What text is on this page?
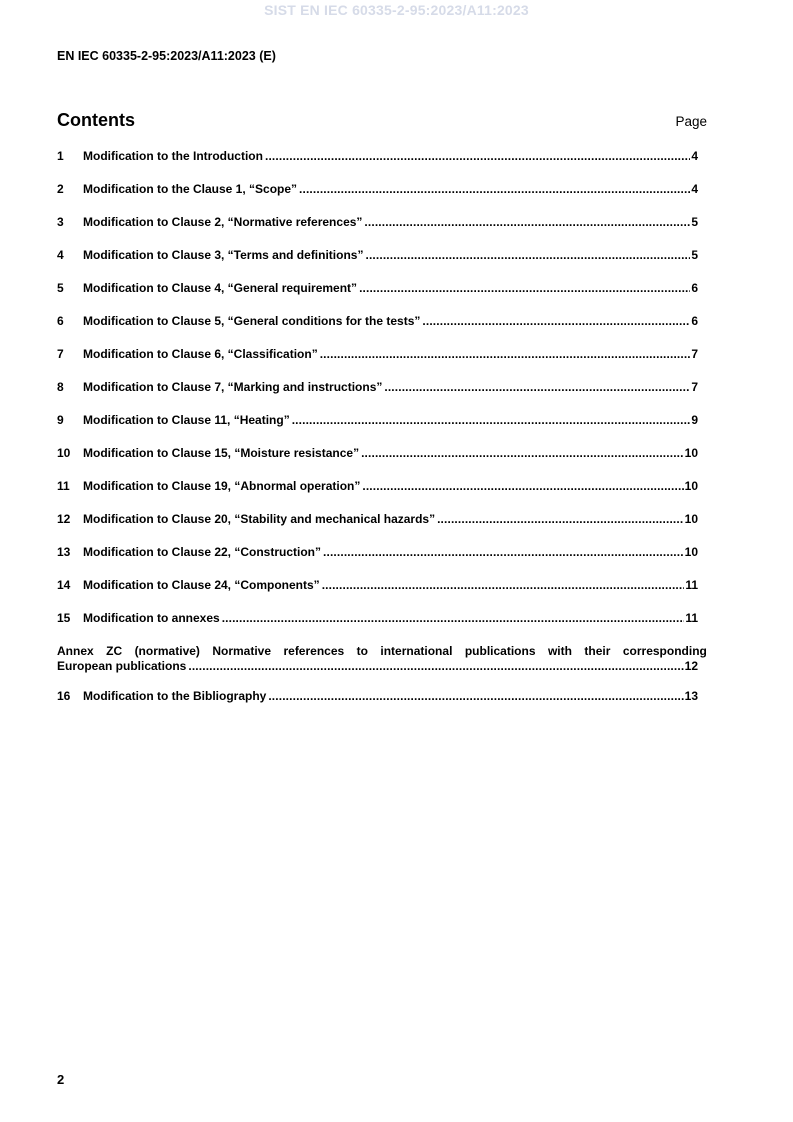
SIST EN IEC 60335-2-95:2023/A11:2023
EN IEC 60335-2-95:2023/A11:2023 (E)
Contents	Page
1	Modification to the Introduction . . .	4
2	Modification to the Clause 1, “Scope” . . .	4
3	Modification to Clause 2, “Normative references” . . .	5
4	Modification to Clause 3, “Terms and definitions” . . .	5
5	Modification to Clause 4, “General requirement” . . .	6
6	Modification to Clause 5, “General conditions for the tests” . . .	6
7	Modification to Clause 6, “Classification” . . .	7
8	Modification to Clause 7, “Marking and instructions” . . .	7
9	Modification to Clause 11, “Heating” . . .	9
10	Modification to Clause 15, “Moisture resistance” . . .	10
11	Modification to Clause 19, “Abnormal operation” . . .	10
12	Modification to Clause 20, “Stability and mechanical hazards” . . .	10
13	Modification to Clause 22, “Construction” . . .	10
14	Modification to Clause 24, “Components” . . .	11
15	Modification to annexes . . .	11
Annex ZC (normative) Normative references to international publications with their corresponding
European publications . . .	12
16	Modification to the Bibliography . . .	13
2
